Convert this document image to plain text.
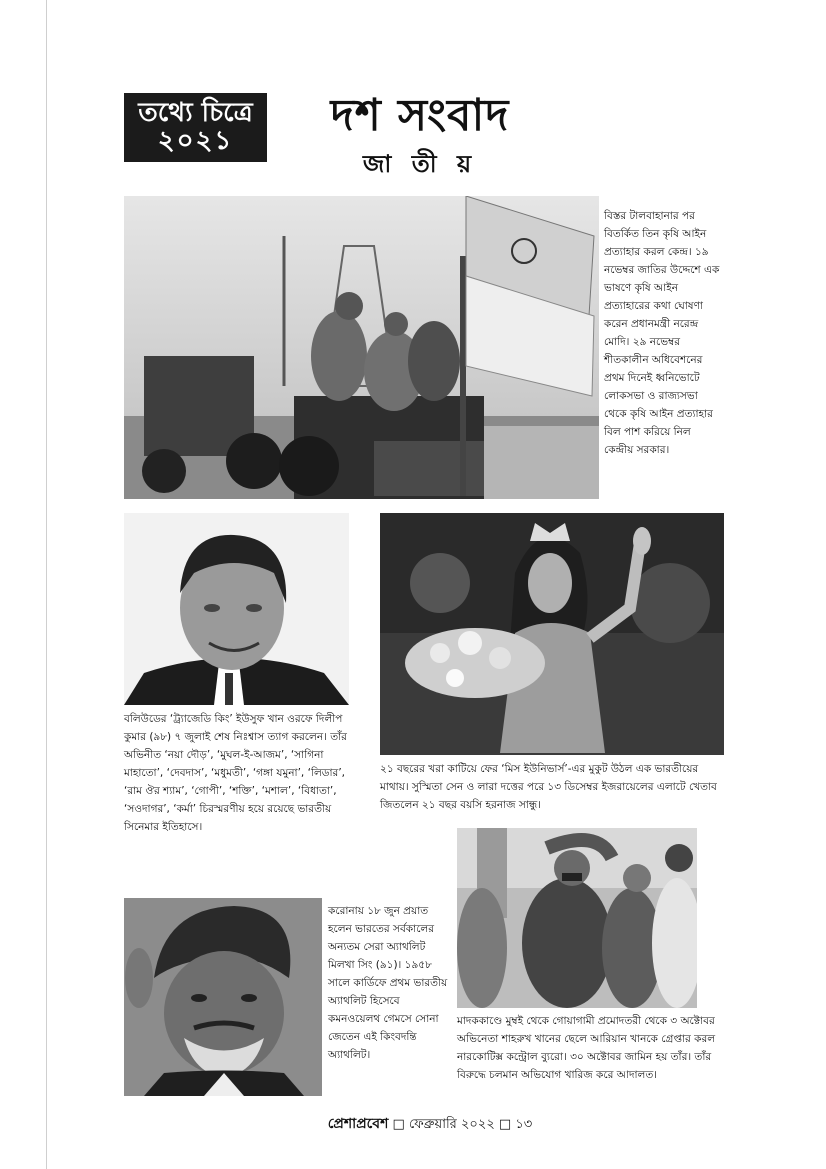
তথ্যে চিত্রে
২০২১	দশ সংবাদ
জা তী য়
বিস্তর টালবাহানার পর বিতর্কিত তিন কৃষি আইন প্রত্যাহার করল কেন্দ্র। ১৯ নভেম্বর জাতির উদ্দেশে এক ভাষণে কৃষি আইন প্রত্যাহারের কথা ঘোষণা করেন প্রধানমন্ত্রী নরেন্দ্র মোদি। ২৯ নভেম্বর শীতকালীন অধিবেশনের প্রথম দিনেই ধ্বনিভোটে লোকসভা ও রাজ্যসভা থেকে কৃষি আইন প্রত্যাহার বিল পাশ করিয়ে নিল কেন্দ্রীয় সরকার।
বলিউডের ‘ট্র্যাজেডি কিং’ ইউসুফ খান ওরফে দিলীপ কুমার (৯৮) ৭ জুলাই শেষ নিঃশ্বাস ত্যাগ করলেন। তাঁর অভিনীত ‘নয়া দৌড়’, ‘মুঘল-ই-আজম’, ‘সাগিনা মাহাতো’, ‘দেবদাস’, ‘মধুমতী’, ‘গঙ্গা যমুনা’, ‘লিডার’, ‘রাম ঔর শ্যাম’, ‘গোপী’, ‘শক্তি’, ‘মশাল’, ‘বিধাতা’, ‘সওদাগর’, ‘কর্মা’ চিরস্মরণীয় হয়ে রয়েছে ভারতীয় সিনেমার ইতিহাসে।
২১ বছরের খরা কাটিয়ে ফের ‘মিস ইউনিভার্স’-এর মুকুট উঠল এক ভারতীয়ের মাথায়। সুস্মিতা সেন ও লারা দত্তের পরে ১৩ ডিসেম্বর ইজরায়েলের এলাটে খেতাব জিতলেন ২১ বছর বয়সি হরনাজ সান্ধু।
করোনায় ১৮ জুন প্রয়াত হলেন ভারতের সর্বকালের অন্যতম সেরা অ্যাথলিট মিলখা সিং (৯১)। ১৯৫৮ সালে কার্ডিফে প্রথম ভারতীয় অ্যাথলিট হিসেবে কমনওয়েলথ গেমসে সোনা জেতেন এই কিংবদন্তি অ্যাথলিট।
মাদককাণ্ডে মুম্বই থেকে গোয়াগামী প্রমোদতরী থেকে ৩ অক্টোবর অভিনেতা শাহরুখ খানের ছেলে আরিয়ান খানকে গ্রেপ্তার করল নারকোটিক্স কন্ট্রোল ব্যুরো। ৩০ অক্টোবর জামিন হয় তাঁর। তাঁর বিরুদ্ধে চলমান অভিযোগ খারিজ করে আদালত।
প্রেশাপ্রবেশ □ ফেব্রুয়ারি ২০২২ □ ১৩
